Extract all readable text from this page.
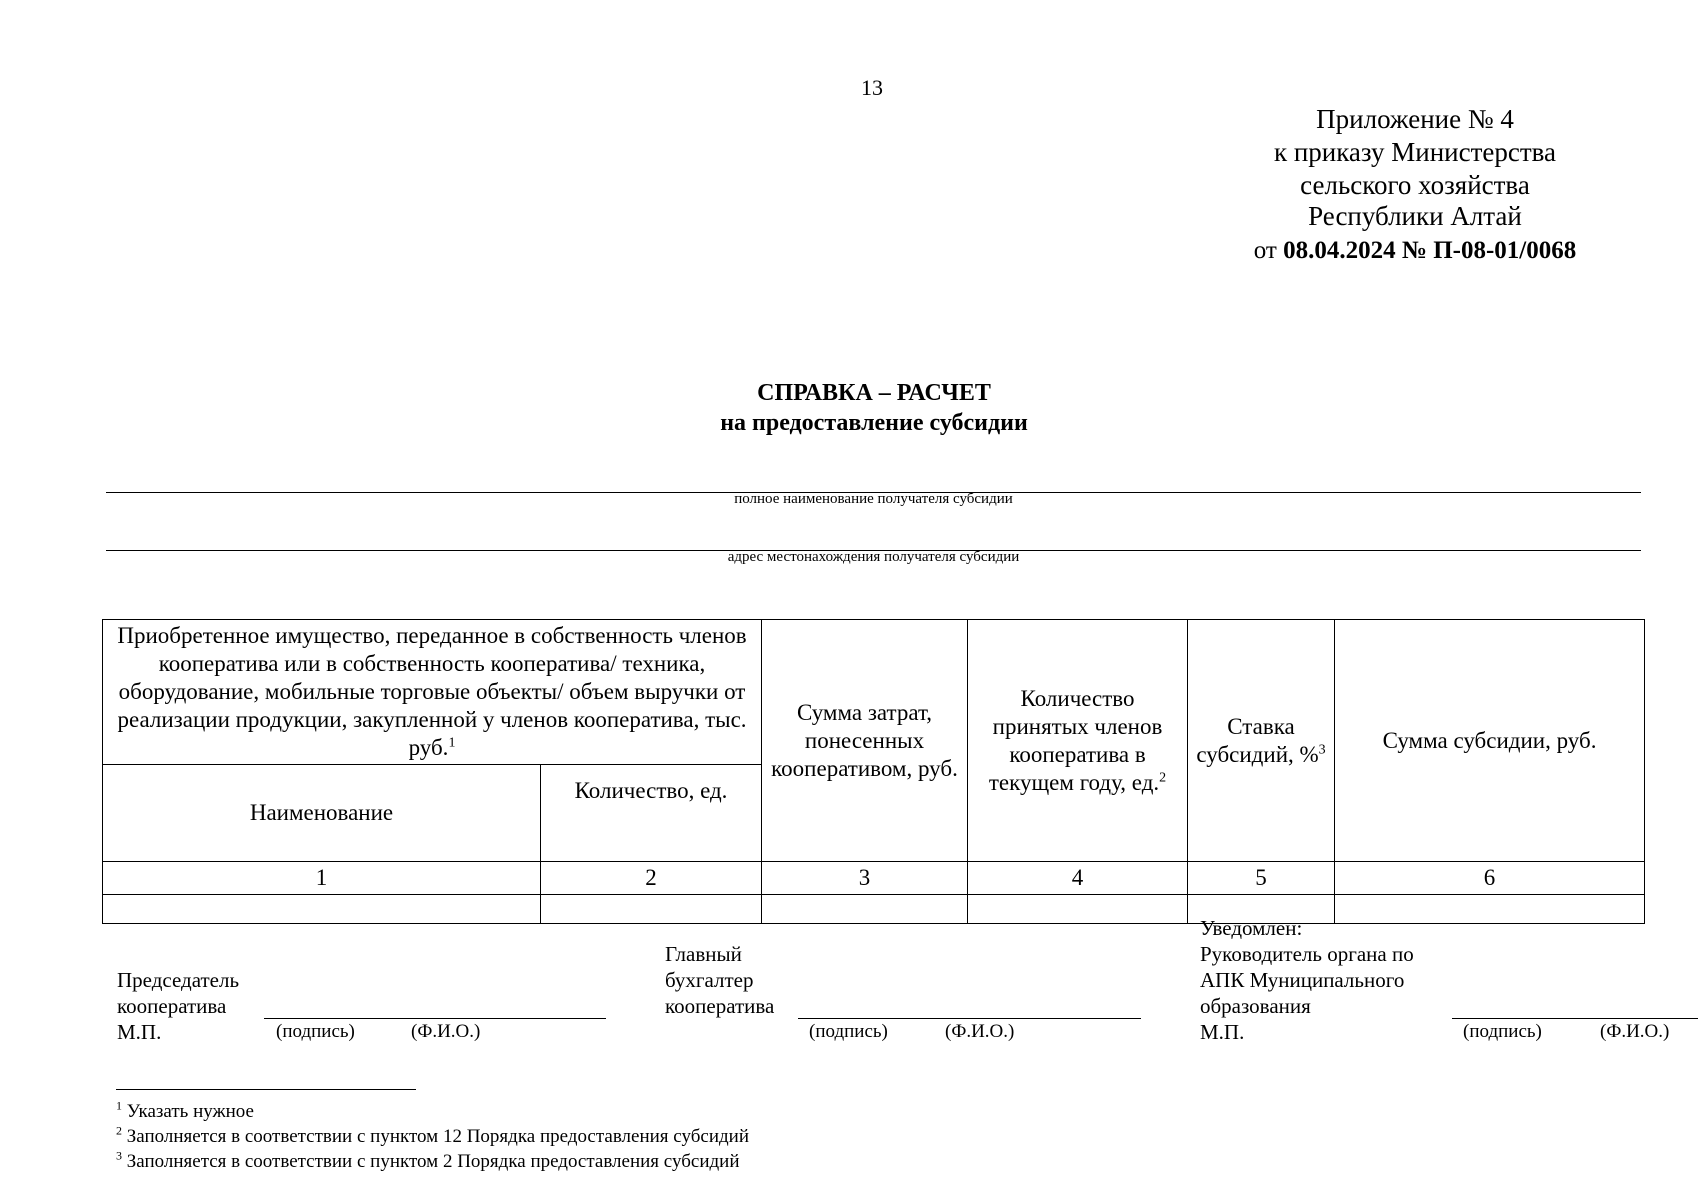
13
Приложение № 4
к приказу Министерства
сельского хозяйства
Республики Алтай
от 08.04.2024 № П-08-01/0068
СПРАВКА – РАСЧЕТ
на предоставление субсидии
полное наименование получателя субсидии
адрес местонахождения получателя субсидии
Приобретенное имущество, переданное в собственность членов кооператива или в собственность кооператива/ техника, оборудование, мобильные торговые объекты/ объем выручки от реализации продукции, закупленной у членов кооператива, тыс. руб.$^1$		Сумма затрат, понесенных кооперативом, руб.	Количество принятых членов кооператива в текущем году, ед.$^2$	Ставка субсидий, %$^3$	Сумма субсидии, руб.
Наименование	Количество, ед.				
1	2	3	4	5	6

Председатель
кооператива
М.П.	(подпись)	(Ф.И.О.)
Главный
бухгалтер
кооператива
(подпись)	(Ф.И.О.)
Уведомлен:
Руководитель органа по
АПК Муниципального
образования
М.П.	(подпись)	(Ф.И.О.)
$^1$ Указать нужное
$^2$ Заполняется в соответствии с пунктом 12 Порядка предоставления субсидий
$^3$ Заполняется в соответствии с пунктом 2 Порядка предоставления субсидий
